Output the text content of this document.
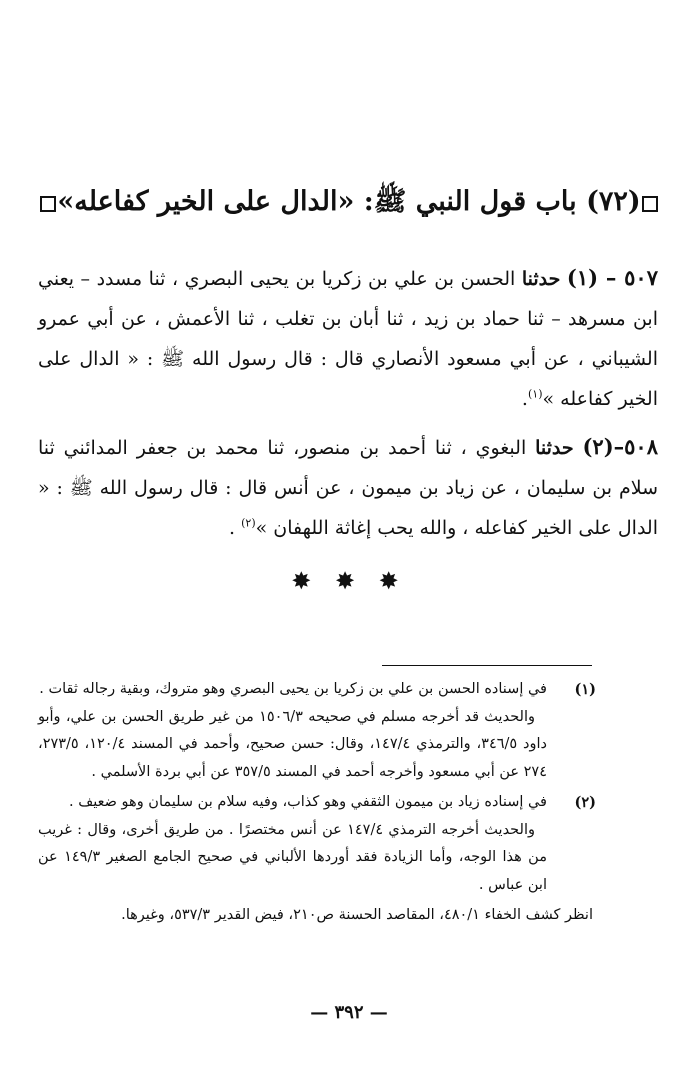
(٧٢) باب قول النبي ﷺ: «الدال على الخير كفاعله»
٥٠٧ – (١) حدثنا الحسن بن علي بن زكريا بن يحيى البصري ، ثنا مسدد – يعني ابن مسرهد – ثنا حماد بن زيد ، ثنا أبان بن تغلب ، ثنا الأعمش ، عن أبي عمرو الشيباني ، عن أبي مسعود الأنصاري قال : قال رسول الله ﷺ : « الدال على الخير كفاعله »$^{(١)}$.
٥٠٨–(٢) حدثنا البغوي ، ثنا أحمد بن منصور، ثنا محمد بن جعفر المدائني ثنا سلام بن سليمان ، عن زياد بن ميمون ، عن أنس قال : قال رسول الله ﷺ : « الدال على الخير كفاعله ، والله يحب إغاثة اللهفان »$^{(٢)}$ .
✸ ✸ ✸
(١)

في إسناده الحسن بن علي بن زكريا بن يحيى البصري وهو متروك، وبقية رجاله ثقات .

والحديث قد أخرجه مسلم في صحيحه ١٥٠٦/٣ من غير طريق الحسن بن علي، وأبو داود ٣٤٦/٥، والترمذي ١٤٧/٤، وقال: حسن صحيح، وأحمد في المسند ١٢٠/٤، ٢٧٣/٥، ٢٧٤ عن أبي مسعود وأخرجه أحمد في المسند ٣٥٧/٥ عن أبي بردة الأسلمي .

(٢)

في إسناده زياد بن ميمون الثقفي وهو كذاب، وفيه سلام بن سليمان وهو ضعيف .

والحديث أخرجه الترمذي ١٤٧/٤ عن أنس مختصرًا . من طريق أخرى، وقال : غريب من هذا الوجه، وأما الزيادة فقد أوردها الألباني في صحيح الجامع الصغير ١٤٩/٣ عن ابن عباس .

انظر كشف الخفاء ٤٨٠/١، المقاصد الحسنة ص٢١٠، فيض القدير ٥٣٧/٣، وغيرها.
— ٣٩٢ —
